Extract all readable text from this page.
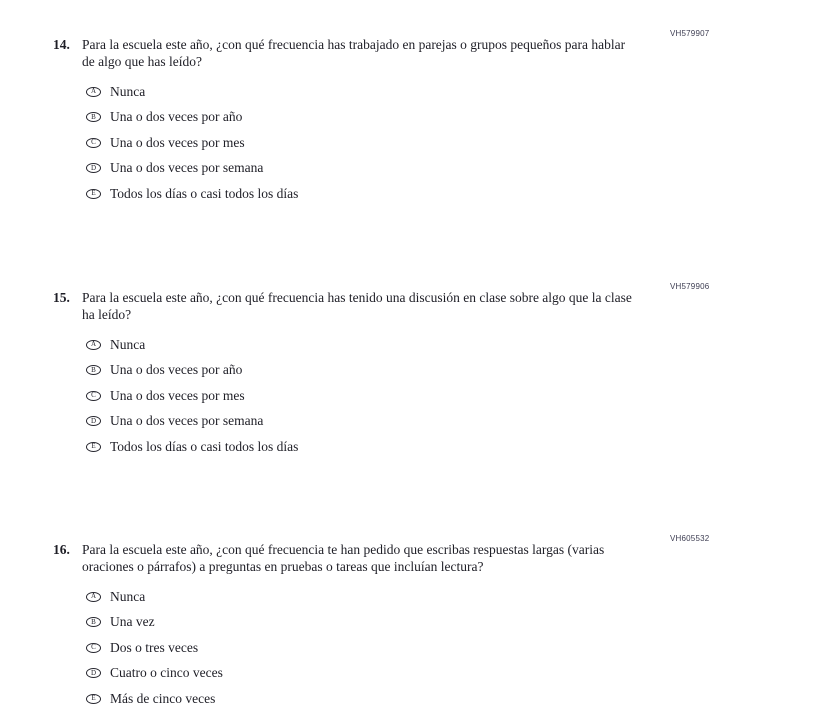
VH579907
14. Para la escuela este año, ¿con qué frecuencia has trabajado en parejas o grupos pequeños para hablar de algo que has leído?
A Nunca
B Una o dos veces por año
C Una o dos veces por mes
D Una o dos veces por semana
E Todos los días o casi todos los días
VH579906
15. Para la escuela este año, ¿con qué frecuencia has tenido una discusión en clase sobre algo que la clase ha leído?
A Nunca
B Una o dos veces por año
C Una o dos veces por mes
D Una o dos veces por semana
E Todos los días o casi todos los días
VH605532
16. Para la escuela este año, ¿con qué frecuencia te han pedido que escribas respuestas largas (varias oraciones o párrafos) a preguntas en pruebas o tareas que incluían lectura?
A Nunca
B Una vez
C Dos o tres veces
D Cuatro o cinco veces
E Más de cinco veces
